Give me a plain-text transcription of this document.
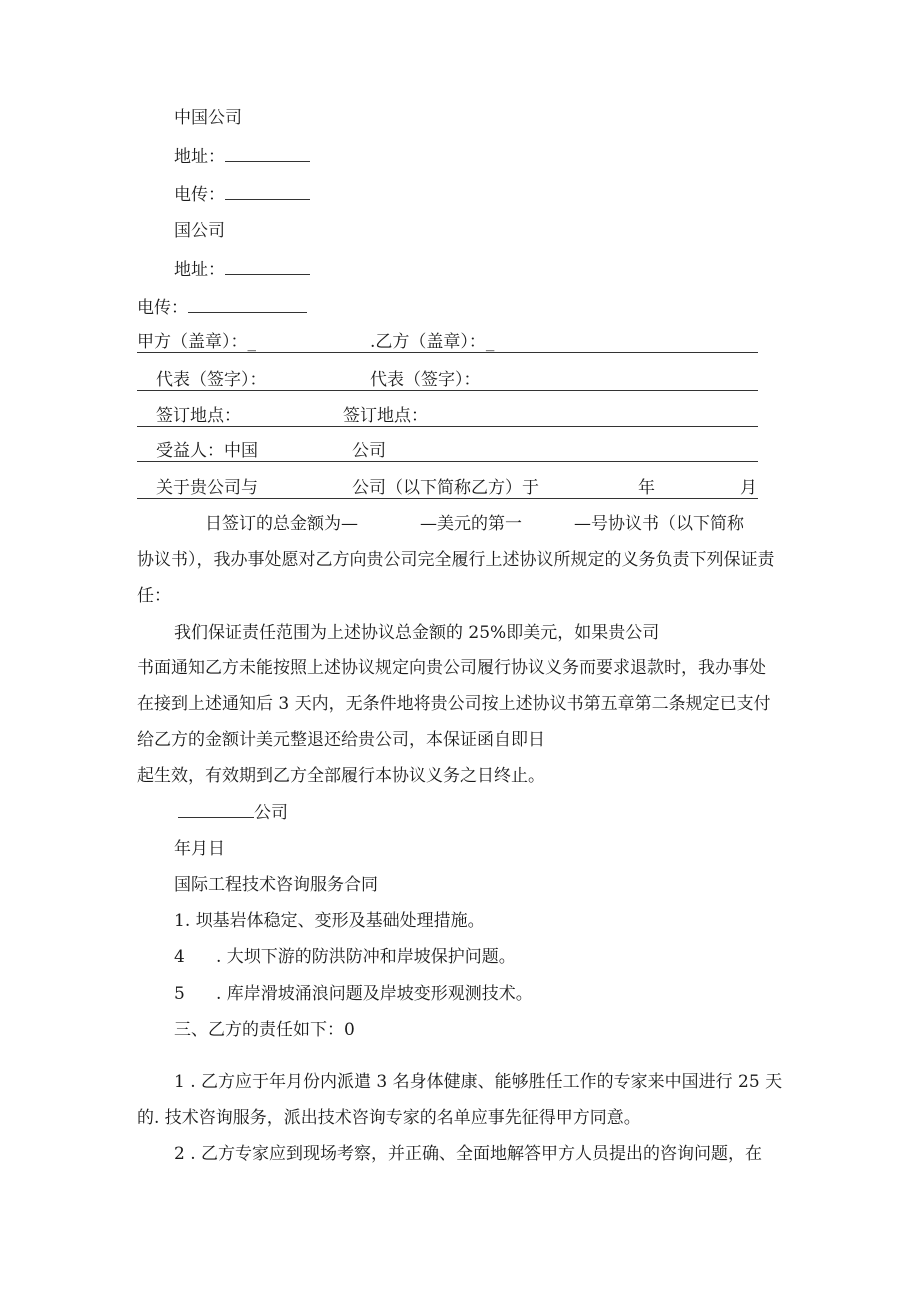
中国公司
地址：
电传：
国公司
地址：
电传：
甲方（盖章）：_	.乙方（盖章）：_
代表（签字）：	代表（签字）：
签订地点：	签订地点：
受益人：中国	公司
关于贵公司与	公司（以下简称乙方）于	年	月
日签订的总金额为—	—美元的第一	—号协议书（以下简称
协议书），我办事处愿对乙方向贵公司完全履行上述协议所规定的义务负责下列保证责
任：
我们保证责任范围为上述协议总金额的 25%即美元，如果贵公司
书面通知乙方未能按照上述协议规定向贵公司履行协议义务而要求退款时，我办事处
在接到上述通知后 3 天内，无条件地将贵公司按上述协议书第五章第二条规定已支付
给乙方的金额计美元整退还给贵公司，本保证函自即日
起生效，有效期到乙方全部履行本协议义务之日终止。
公司
年月日
国际工程技术咨询服务合同
1. 坝基岩体稳定、变形及基础处理措施。
4 . 大坝下游的防洪防冲和岸坡保护问题。
5 . 库岸滑坡涌浪问题及岸坡变形观测技术。
三、乙方的责任如下：0
1 . 乙方应于年月份内派遣 3 名身体健康、能够胜任工作的专家来中国进行 25 天
的. 技术咨询服务，派出技术咨询专家的名单应事先征得甲方同意。
2 . 乙方专家应到现场考察，并正确、全面地解答甲方人员提出的咨询问题，在
